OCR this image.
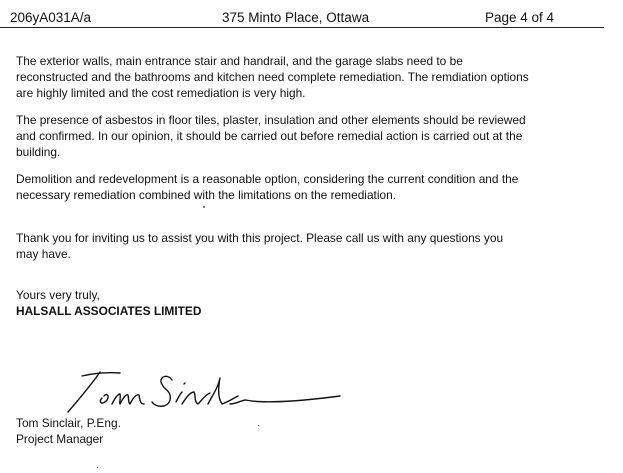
206yA031A/a	375 Minto Place, Ottawa	Page 4 of 4

The exterior walls, main entrance stair and handrail, and the garage slabs need to be
reconstructed and the bathrooms and kitchen need complete remediation. The remdiation options
are highly limited and the cost remediation is very high.

The presence of asbestos in floor tiles, plaster, insulation and other elements should be reviewed
and confirmed. In our opinion, it should be carried out before remedial action is carried out at the
building.

Demolition and redevelopment is a reasonable option, considering the current condition and the
necessary remediation combined with the limitations on the remediation.

Thank you for inviting us to assist you with this project. Please call us with any questions you
may have.

Yours very truly,
HALSALL ASSOCIATES LIMITED
Tom Sinclair, P.Eng.
Project Manager
